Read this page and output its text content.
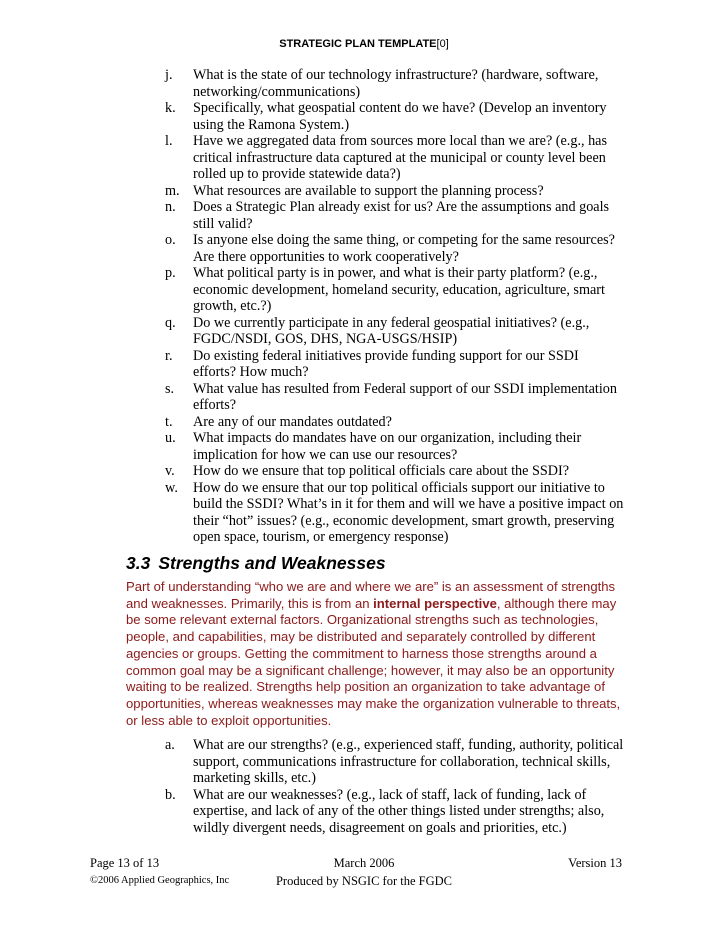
STRATEGIC PLAN TEMPLATE[0]
j.	What is the state of our technology infrastructure? (hardware, software, networking/communications)
k.	Specifically, what geospatial content do we have? (Develop an inventory using the Ramona System.)
l.	Have we aggregated data from sources more local than we are? (e.g., has critical infrastructure data captured at the municipal or county level been rolled up to provide statewide data?)
m. What resources are available to support the planning process?
n.	Does a Strategic Plan already exist for us? Are the assumptions and goals still valid?
o.	Is anyone else doing the same thing, or competing for the same resources? Are there opportunities to work cooperatively?
p.	What political party is in power, and what is their party platform? (e.g., economic development, homeland security, education, agriculture, smart growth, etc.?)
q.	Do we currently participate in any federal geospatial initiatives? (e.g., FGDC/NSDI, GOS, DHS, NGA-USGS/HSIP)
r.	Do existing federal initiatives provide funding support for our SSDI efforts? How much?
s.	What value has resulted from Federal support of our SSDI implementation efforts?
t.	Are any of our mandates outdated?
u.	What impacts do mandates have on our organization, including their implication for how we can use our resources?
v.	How do we ensure that top political officials care about the SSDI?
w.	How do we ensure that our top political officials support our initiative to build the SSDI? What’s in it for them and will we have a positive impact on their “hot” issues? (e.g., economic development, smart growth, preserving open space, tourism, or emergency response)
3.3 Strengths and Weaknesses
Part of understanding “who we are and where we are” is an assessment of strengths and weaknesses. Primarily, this is from an internal perspective, although there may be some relevant external factors. Organizational strengths such as technologies, people, and capabilities, may be distributed and separately controlled by different agencies or groups. Getting the commitment to harness those strengths around a common goal may be a significant challenge; however, it may also be an opportunity waiting to be realized. Strengths help position an organization to take advantage of opportunities, whereas weaknesses may make the organization vulnerable to threats, or less able to exploit opportunities.
a.	What are our strengths? (e.g., experienced staff, funding, authority, political support, communications infrastructure for collaboration, technical skills, marketing skills, etc.)
b.	What are our weaknesses? (e.g., lack of staff, lack of funding, lack of expertise, and lack of any of the other things listed under strengths; also, wildly divergent needs, disagreement on goals and priorities, etc.)
Page 13 of 13
©2006 Applied Geographics, Inc
March 2006
Produced by NSGIC for the FGDC
Version 13
